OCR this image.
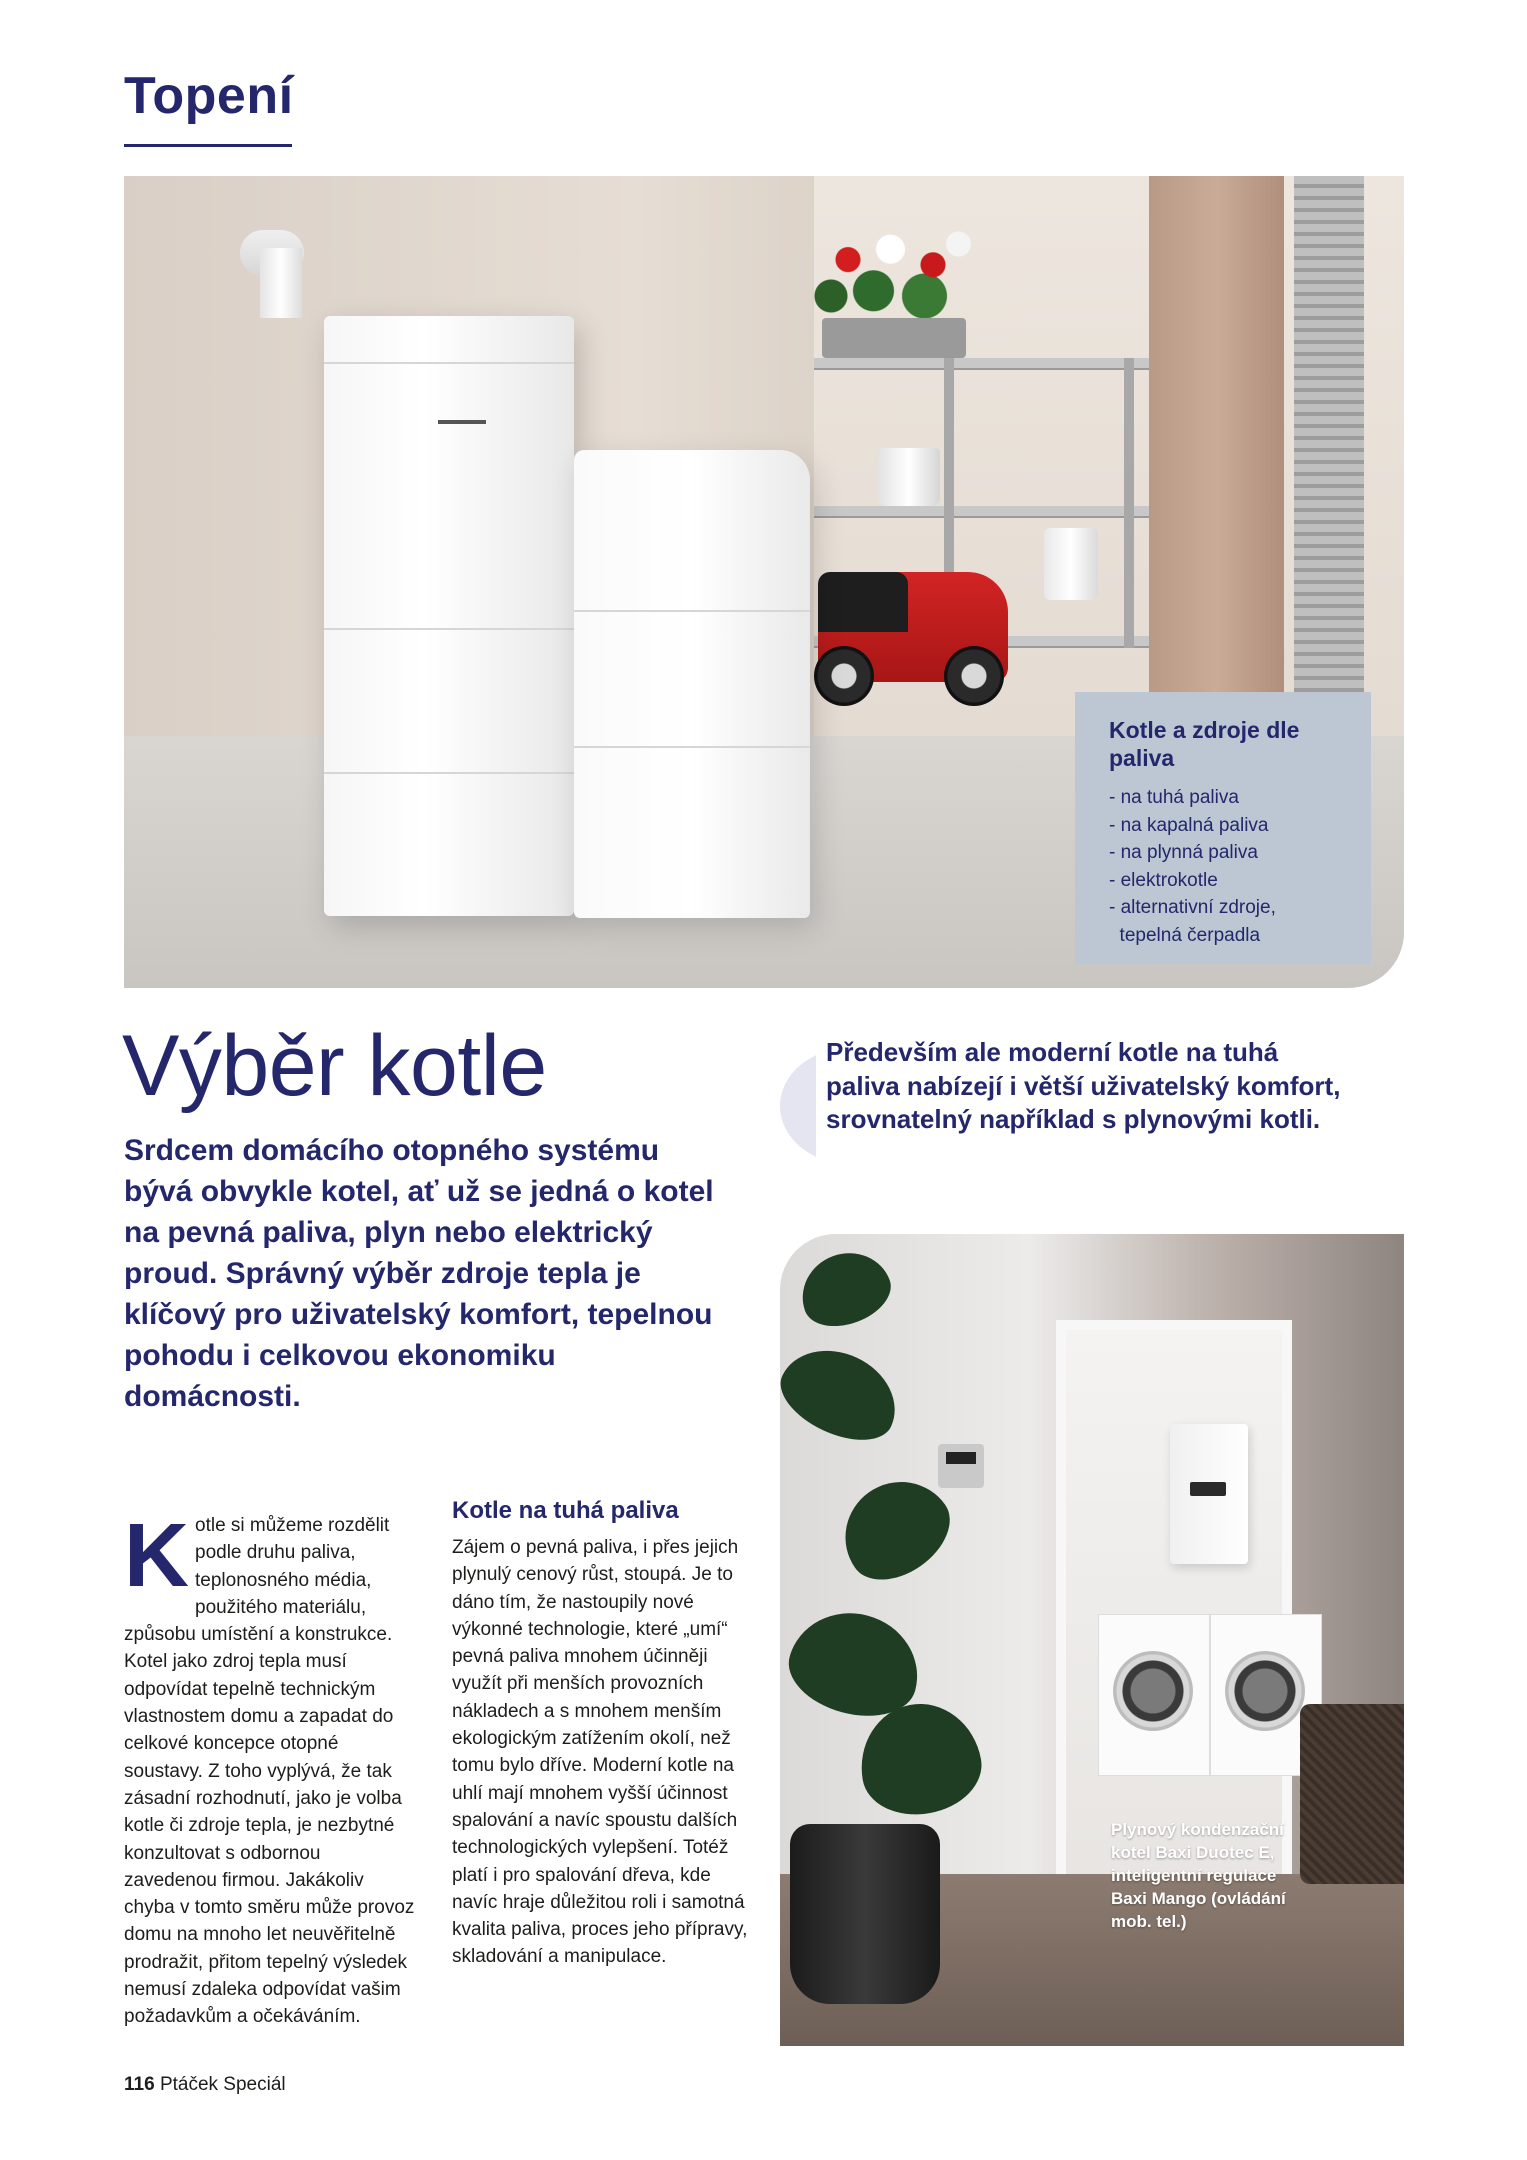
Topení
Kotle a zdroje dle paliva
- na tuhá paliva
- na kapalná paliva
- na plynná paliva
- elektrokotle
- alternativní zdroje,
tepelná čerpadla
Výběr kotle

Srdcem domácího otopného systému bývá obvykle kotel, ať už se jedná o kotel na pevná paliva, plyn nebo elektrický proud. Správný výběr zdroje tepla je klíčový pro uživatelský komfort, tepelnou pohodu i celkovou ekonomiku domácnosti.

Především ale moderní kotle na tuhá paliva nabízejí i větší uživatelský komfort, srovnatelný například s plynovými kotli.

K otle si můžeme rozdělit podle druhu paliva, teplonosného média, použitého materiálu, způsobu umístění a konstrukce. Kotel jako zdroj tepla musí odpovídat tepelně technickým vlastnostem domu a zapadat do celkové koncepce otopné soustavy. Z toho vyplývá, že tak zásadní rozhodnutí, jako je volba kotle či zdroje tepla, je nezbytné konzultovat s odbornou zavedenou firmou. Jakákoliv chyba v tomto směru může provoz domu na mnoho let neuvěřitelně prodražit, přitom tepelný výsledek nemusí zdaleka odpovídat vašim požadavkům a očekáváním.

Kotle na tuhá paliva

Zájem o pevná paliva, i přes jejich plynulý cenový růst, stoupá. Je to dáno tím, že nastoupily nové výkonné technologie, které „umí“ pevná paliva mnohem účinněji využít při menších provozních nákladech a s mnohem menším ekologickým zatížením okolí, než tomu bylo dříve. Moderní kotle na uhlí mají mnohem vyšší účinnost spalování a navíc spoustu dalších technologických vylepšení. Totéž platí i pro spalování dřeva, kde navíc hraje důležitou roli i samotná kvalita paliva, proces jeho přípravy, skladování a manipulace.

Plynový kondenzační kotel Baxi Duotec E, inteligentní regulace Baxi Mango (ovládání mob. tel.)

116 Ptáček Speciál
